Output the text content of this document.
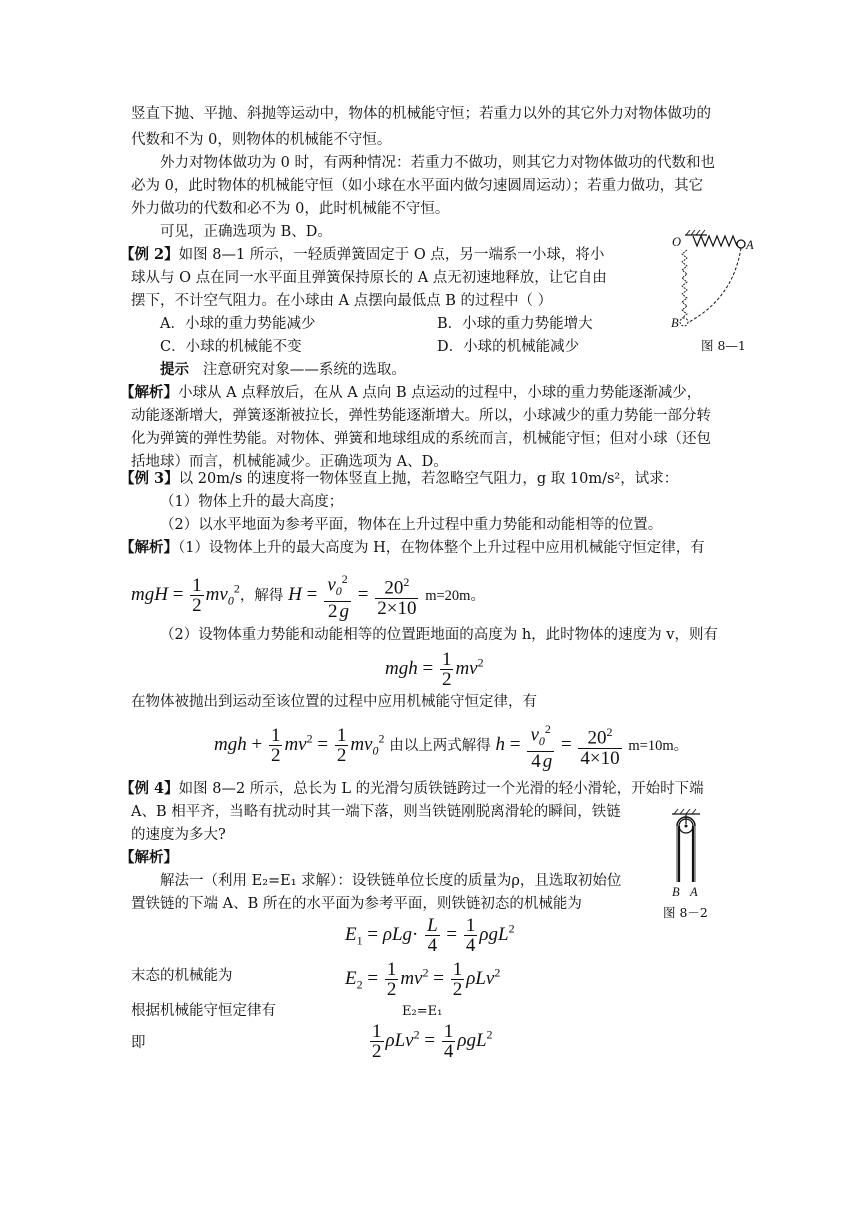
竖直下抛、平抛、斜抛等运动中，物体的机械能守恒；若重力以外的其它外力对物体做功的
代数和不为 0，则物体的机械能不守恒。
外力对物体做功为 0 时，有两种情况：若重力不做功，则其它力对物体做功的代数和也
必为 0，此时物体的机械能守恒（如小球在水平面内做匀速圆周运动）；若重力做功，其它
外力做功的代数和必不为 0，此时机械能不守恒。
可见，正确选项为 B、D。
【例 2】如图 8—1 所示，一轻质弹簧固定于 O 点，另一端系一小球，将小
球从与 O 点在同一水平面且弹簧保持原长的 A 点无初速地释放，让它自由
摆下，不计空气阻力。在小球由 A 点摆向最低点 B 的过程中（ ）
A．小球的重力势能减少	B．小球的重力势能增大
C．小球的机械能不变	D．小球的机械能减少
提示 注意研究对象——系统的选取。
O	A
B
图 8—1
【解析】小球从 A 点释放后，在从 A 点向 B 点运动的过程中，小球的重力势能逐渐减少，
动能逐渐增大，弹簧逐渐被拉长，弹性势能逐渐增大。所以，小球减少的重力势能一部分转
化为弹簧的弹性势能。对物体、弹簧和地球组成的系统而言，机械能守恒；但对小球（还包
括地球）而言，机械能减少。正确选项为 A、D。
【例 3】以 20m/s 的速度将一物体竖直上抛，若忽略空气阻力，g 取 10m/s²，试求：
（1）物体上升的最大高度；
（2）以水平地面为参考平面，物体在上升过程中重力势能和动能相等的位置。
【解析】（1）设物体上升的最大高度为 H，在物体整个上升过程中应用机械能守恒定律，有
mgH = $\frac{1}{2} mv_0^2$，解得 $H = \frac{v_0^2}{2 g} = \frac{20^2}{2\times 10} m=20m$。
（2）设物体重力势能和动能相等的位置距地面的高度为 h，此时物体的速度为 v，则有
mgh = $\frac{1}{2} mv^2$
在物体被抛出到运动至该位置的过程中应用机械能守恒定律，有
mgh + $\frac{1}{2} mv^2 = \frac{1}{2} mv_0^2$ 由以上两式解得 $h = \frac{v_0^2}{4 g} = \frac{20^2}{4\times 10} m=10m$。
【例 4】如图 8—2 所示，总长为 L 的光滑匀质铁链跨过一个光滑的轻小滑轮，开始时下端
A、B 相平齐，当略有扰动时其一端下落，则当铁链刚脱离滑轮的瞬间，铁链
的速度为多大?
【解析】
解法一（利用 E₂=E₁ 求解）：设铁链单位长度的质量为ρ，且选取初始位
置铁链的下端 A、B 所在的水平面为参考平面，则铁链初态的机械能为
B A
图 8－2
$E_1 = \rho Lg\cdot \frac{L}{4} = \frac{1}{4} \rho gL^2$
末态的机械能为	$E_2 = \frac{1}{2} mv^2 = \frac{1}{2} \rho Lv^2$
根据机械能守恒定律有	E₂=E₁
即	$\frac{1}{2} \rho Lv^2 = \frac{1}{4} \rho gL^2$
